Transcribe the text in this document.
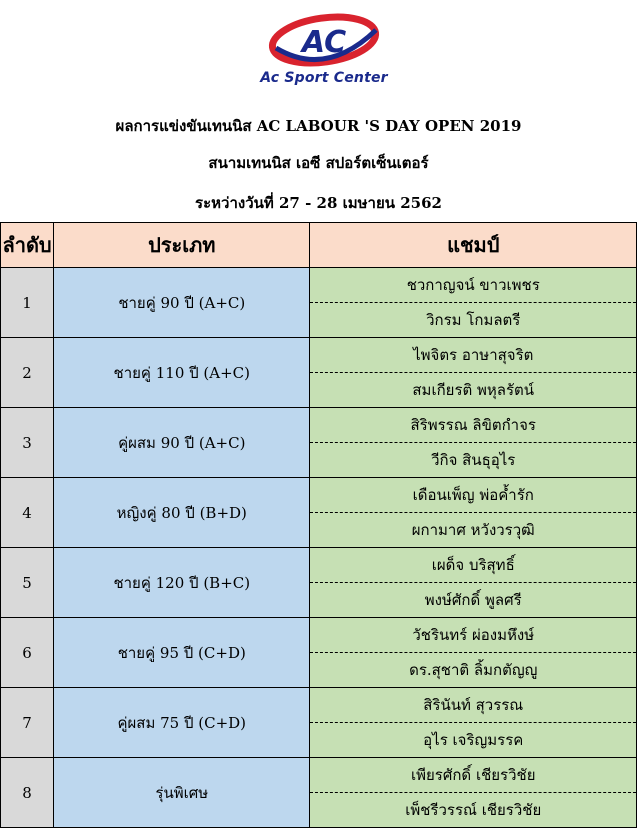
AC
Ac Sport Center
ผลการแข่งขันเทนนิส AC LABOUR 'S DAY OPEN 2019
สนามเทนนิส เอซี สปอร์ตเซ็นเตอร์
ระหว่างวันที่ 27 - 28 เมษายน 2562
ลำดับ	ประเภท	แชมป์
1	ชายคู่ 90 ปี (A+C)	ชวกาญจน์ ขาวเพชร
		วิกรม โกมลตรี
2	ชายคู่ 110 ปี (A+C)	ไพจิตร อาษาสุจริต
		สมเกียรติ พหุลรัตน์
3	คู่ผสม 90 ปี (A+C)	สิริพรรณ ลิขิตกำจร
		วีกิจ สินธุอุไร
4	หญิงคู่ 80 ปี (B+D)	เดือนเพ็ญ พ่อค้ำรัก
		ผกามาศ หวังวรวุฒิ
5	ชายคู่ 120 ปี (B+C)	เผด็จ บริสุทธิ์
		พงษ์ศักดิ์ พูลศรี
6	ชายคู่ 95 ปี (C+D)	วัชรินทร์ ผ่องมหึงษ์
		ดร.สุชาติ ลิ้มกตัญญู
7	คู่ผสม 75 ปี (C+D)	สิรินันท์ สุวรรณ
		อุไร เจริญมรรค
8	รุ่นพิเศษ	เพียรศักดิ์ เชียรวิชัย
		เพ็ชรีวรรณ์ เชียรวิชัย
